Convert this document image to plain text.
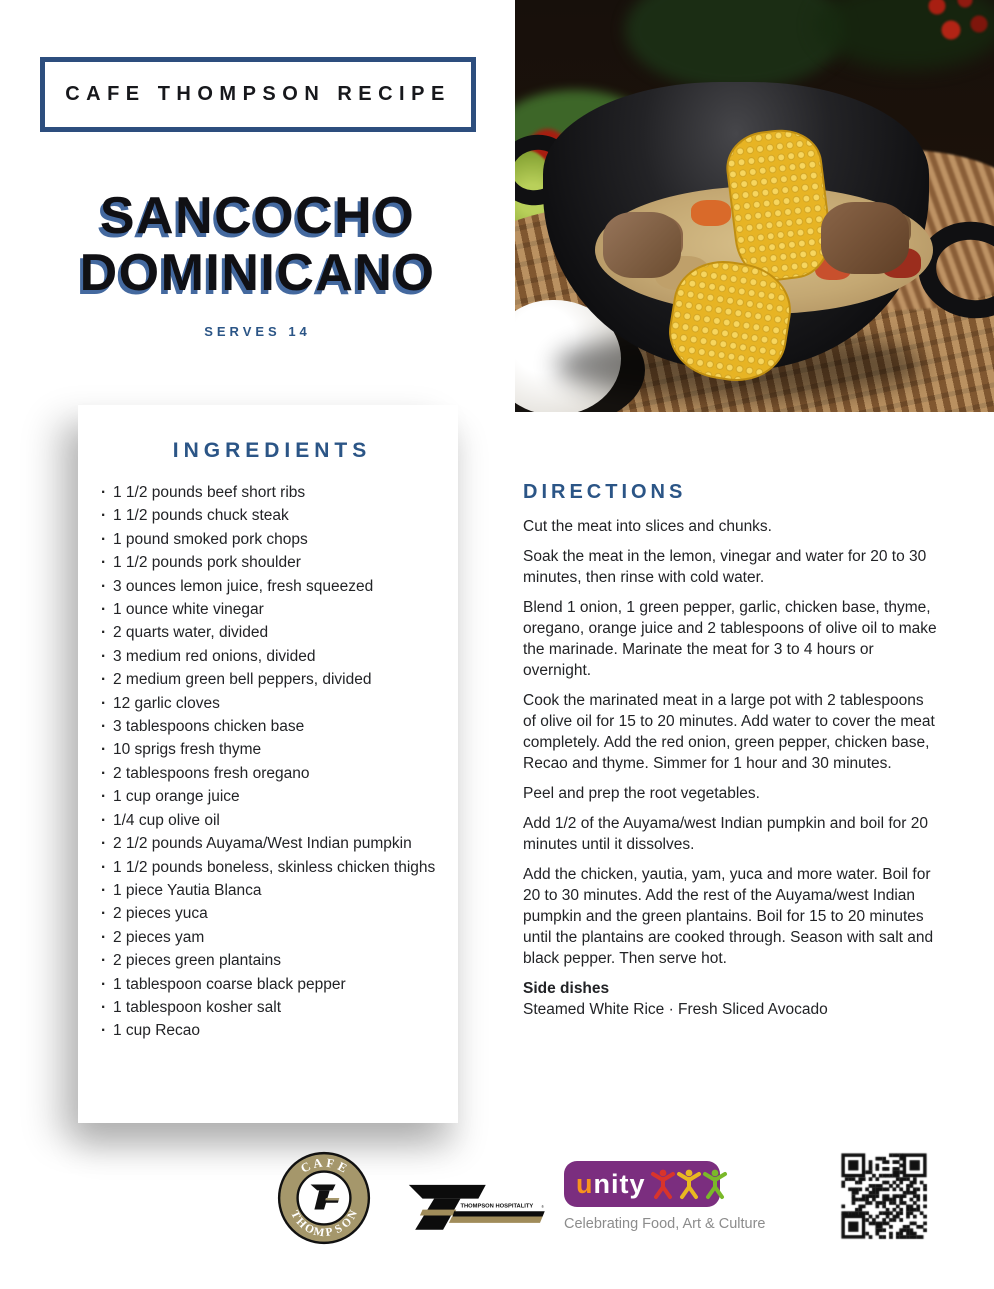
CAFE THOMPSON RECIPE
SANCOCHO
DOMINICANO
SERVES 14
INGREDIENTS
· 1 1/2 pounds beef short ribs
· 1 1/2 pounds chuck steak
· 1 pound smoked pork chops
· 1 1/2 pounds pork shoulder
· 3 ounces lemon juice, fresh squeezed
· 1 ounce white vinegar
· 2 quarts water, divided
· 3 medium red onions, divided
· 2 medium green bell peppers, divided
· 12 garlic cloves
· 3 tablespoons chicken base
· 10 sprigs fresh thyme
· 2 tablespoons fresh oregano
· 1 cup orange juice
· 1/4 cup olive oil
· 2 1/2 pounds Auyama/West Indian pumpkin
· 1 1/2 pounds boneless, skinless chicken thighs
· 1 piece Yautia Blanca
· 2 pieces yuca
· 2 pieces yam
· 2 pieces green plantains
· 1 tablespoon coarse black pepper
· 1 tablespoon kosher salt
· 1 cup Recao
DIRECTIONS

Cut the meat into slices and chunks.

Soak the meat in the lemon, vinegar and water for 20 to 30 minutes, then rinse with cold water.

Blend 1 onion, 1 green pepper, garlic, chicken base, thyme, oregano, orange juice and 2 tablespoons of olive oil to make the marinade. Marinate the meat for 3 to 4 hours or overnight.

Cook the marinated meat in a large pot with 2 tablespoons of olive oil for 15 to 20 minutes. Add water to cover the meat completely. Add the red onion, green pepper, chicken base, Recao and thyme. Simmer for 1 hour and 30 minutes.

Peel and prep the root vegetables.

Add 1/2 of the Auyama/west Indian pumpkin and boil for 20 minutes until it dissolves.

Add the chicken, yautia, yam, yuca and more water. Boil for 20 to 30 minutes. Add the rest of the Auyama/west Indian pumpkin and the green plantains. Boil for 15 to 20 minutes until the plantains are cooked through. Season with salt and black pepper. Then serve hot.

Side dishes

Steamed White Rice · Fresh Sliced Avocado

C A F E
T
H
O
M P S
O
N
THOMPSON HOSPITALITY ®
unity
Celebrating Food, Art & Culture
